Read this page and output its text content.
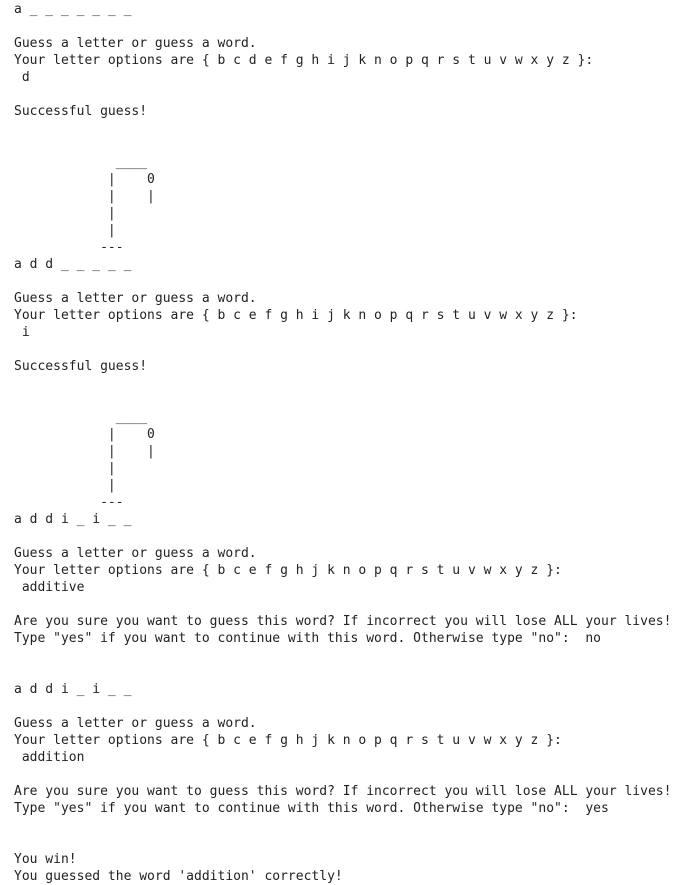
a _ _ _ _ _ _ _

Guess a letter or guess a word.
Your letter options are { b c d e f g h i j k n o p q r s t u v w x y z }:
d

Successful guess!

____
|    0
|    |
|
|
---
a d d _ _ _ _ _

Guess a letter or guess a word.
Your letter options are { b c e f g h i j k n o p q r s t u v w x y z }:
i

Successful guess!

____
|    0
|    |
|
|
---
a d d i _ i _ _

Guess a letter or guess a word.
Your letter options are { b c e f g h j k n o p q r s t u v w x y z }:
additive

Are you sure you want to guess this word? If incorrect you will lose ALL your lives!
Type "yes" if you want to continue with this word. Otherwise type "no":  no

a d d i _ i _ _

Guess a letter or guess a word.
Your letter options are { b c e f g h j k n o p q r s t u v w x y z }:
addition

Are you sure you want to guess this word? If incorrect you will lose ALL your lives!
Type "yes" if you want to continue with this word. Otherwise type "no":  yes

You win!
You guessed the word 'addition' correctly!
